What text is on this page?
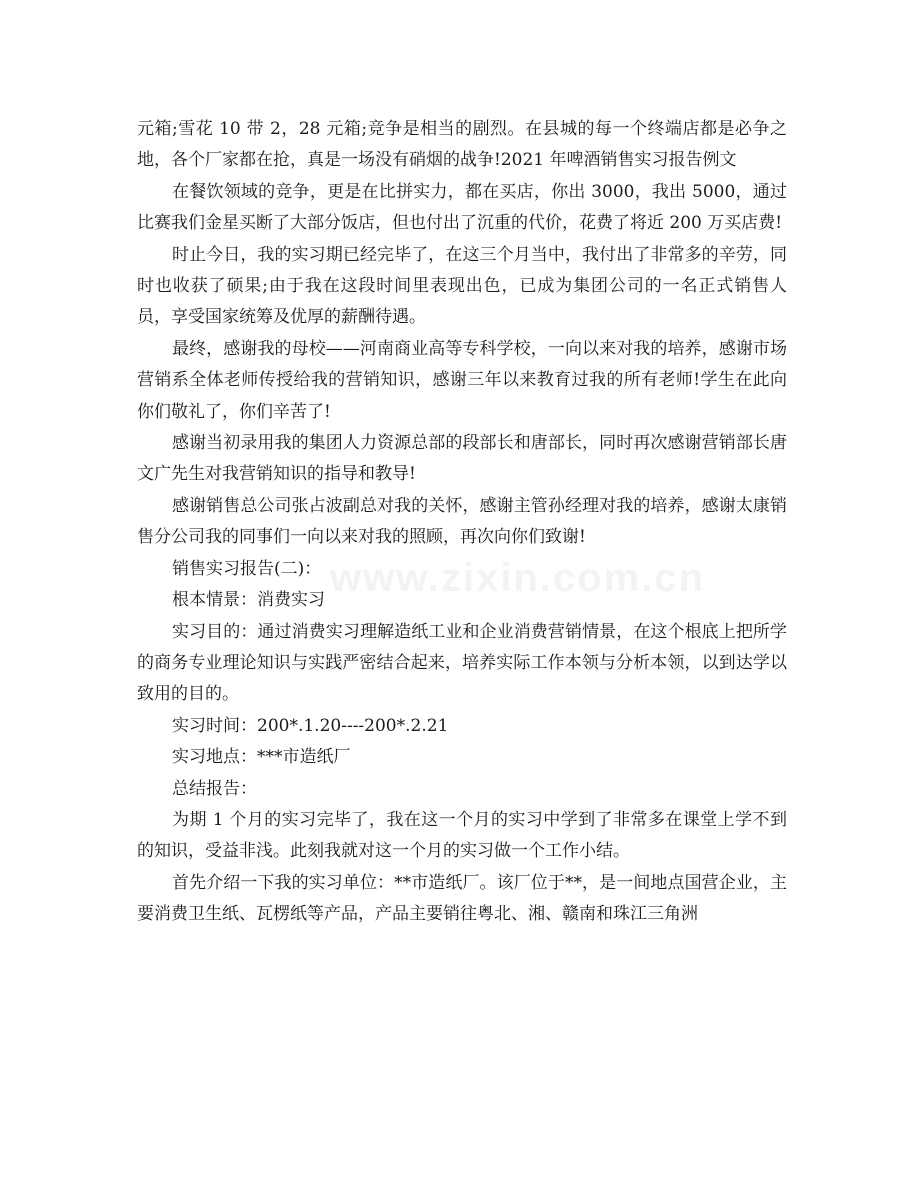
元箱;雪花 10 带 2，28 元箱;竞争是相当的剧烈。在县城的每一个终端店都是必争之地，各个厂家都在抢，真是一场没有硝烟的战争!2021 年啤酒销售实习报告例文

在餐饮领域的竞争，更是在比拼实力，都在买店，你出 3000，我出 5000，通过比赛我们金星买断了大部分饭店，但也付出了沉重的代价，花费了将近 200 万买店费!

时止今日，我的实习期已经完毕了，在这三个月当中，我付出了非常多的辛劳，同时也收获了硕果;由于我在这段时间里表现出色，已成为集团公司的一名正式销售人员，享受国家统筹及优厚的薪酬待遇。

最终，感谢我的母校——河南商业高等专科学校，一向以来对我的培养，感谢市场营销系全体老师传授给我的营销知识，感谢三年以来教育过我的所有老师!学生在此向你们敬礼了，你们辛苦了!

感谢当初录用我的集团人力资源总部的段部长和唐部长，同时再次感谢营销部长唐文广先生对我营销知识的指导和教导!

感谢销售总公司张占波副总对我的关怀，感谢主管孙经理对我的培养，感谢太康销售分公司我的同事们一向以来对我的照顾，再次向你们致谢!

销售实习报告(二)：

根本情景：消费实习

实习目的：通过消费实习理解造纸工业和企业消费营销情景，在这个根底上把所学的商务专业理论知识与实践严密结合起来，培养实际工作本领与分析本领，以到达学以致用的目的。

实习时间：200*.1.20----200*.2.21

实习地点：***市造纸厂

总结报告：

为期 1 个月的实习完毕了，我在这一个月的实习中学到了非常多在课堂上学不到的知识，受益非浅。此刻我就对这一个月的实习做一个工作小结。

首先介绍一下我的实习单位：**市造纸厂。该厂位于**，是一间地点国营企业，主要消费卫生纸、瓦楞纸等产品，产品主要销往粤北、湘、赣南和珠江三角洲

www.zixin.com.cn
